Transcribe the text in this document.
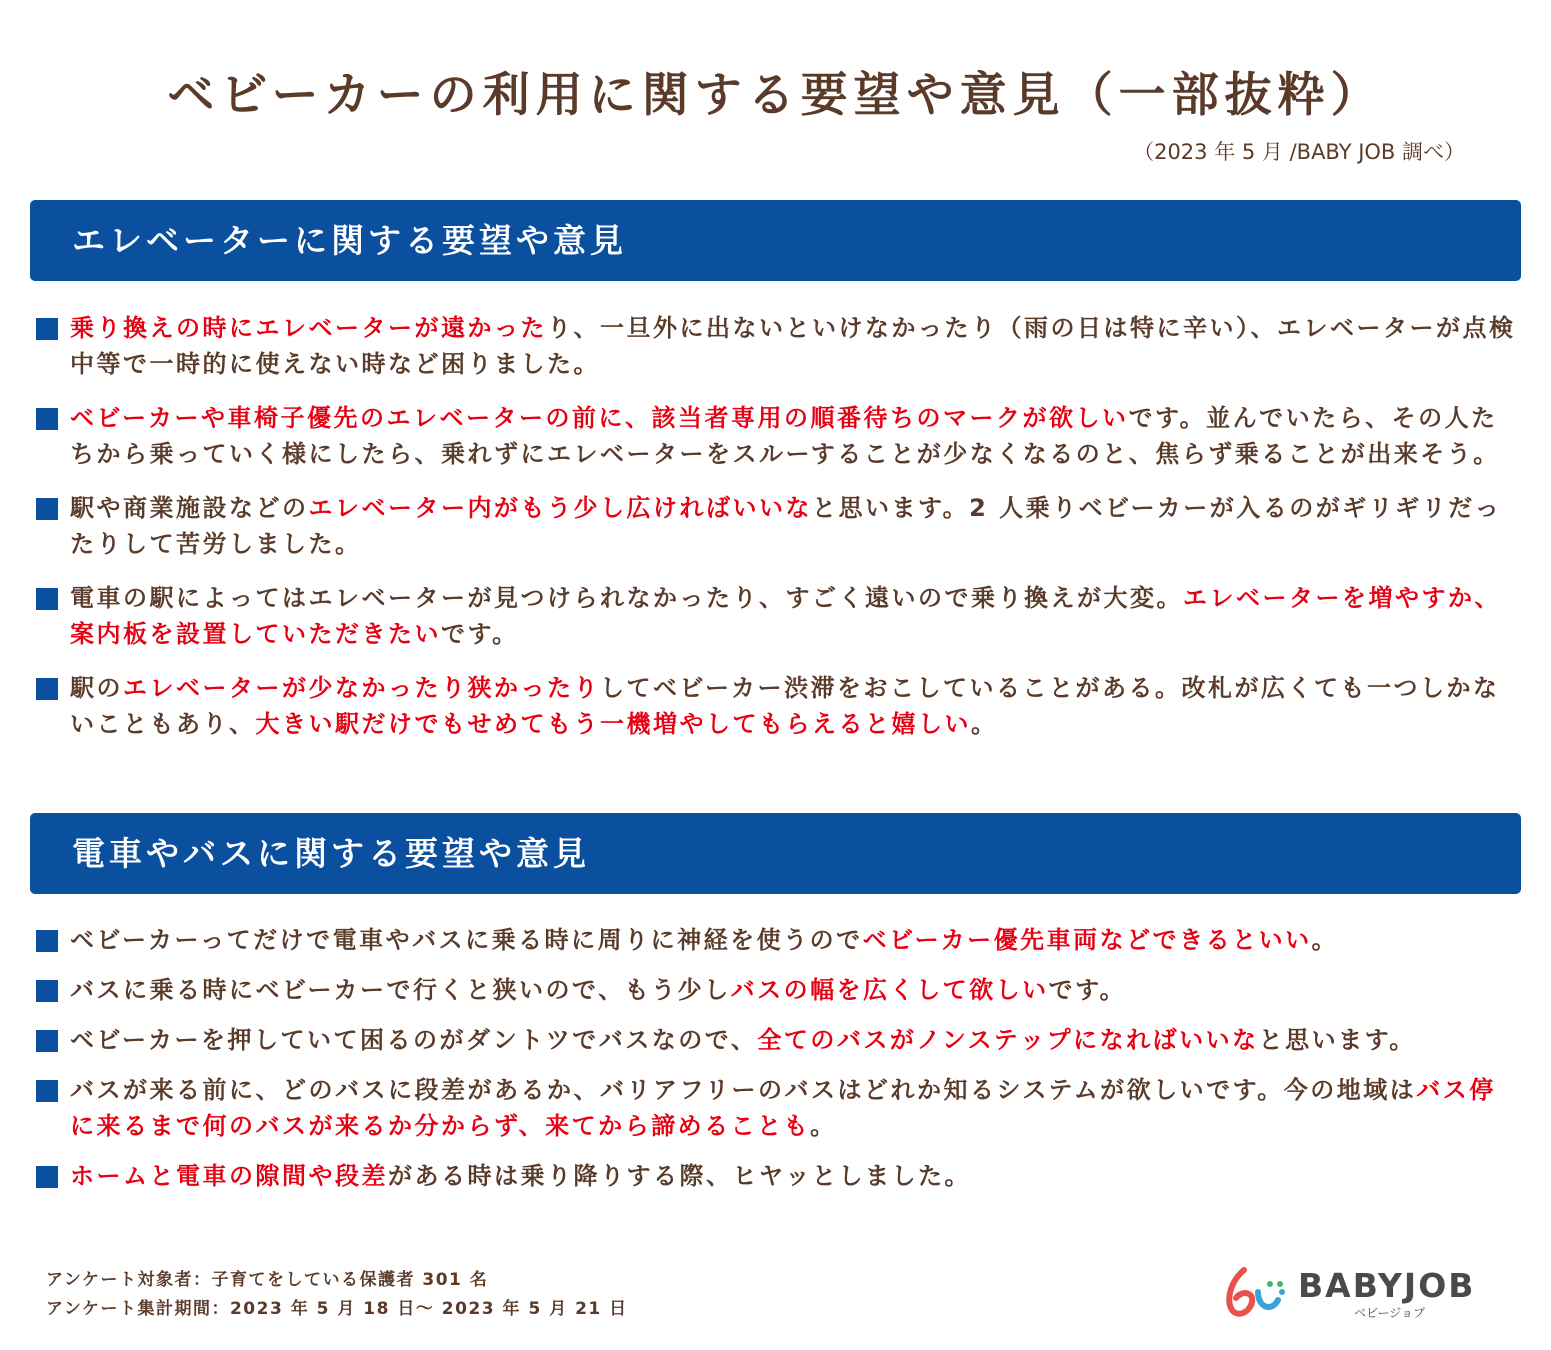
ベビーカーの利用に関する要望や意見（一部抜粋）
（2023 年 5 月 /BABY JOB 調べ）
エレベーターに関する要望や意見
乗り換えの時にエレベーターが遠かったり、一旦外に出ないといけなかったり（雨の日は特に辛い）、エレベーターが点検中等で一時的に使えない時など困りました。
ベビーカーや車椅子優先のエレベーターの前に、該当者専用の順番待ちのマークが欲しいです。並んでいたら、その人たちから乗っていく様にしたら、乗れずにエレベーターをスルーすることが少なくなるのと、焦らず乗ることが出来そう。
駅や商業施設などのエレベーター内がもう少し広ければいいなと思います。2 人乗りベビーカーが入るのがギリギリだったりして苦労しました。
電車の駅によってはエレベーターが見つけられなかったり、すごく遠いので乗り換えが大変。エレベーターを増やすか、案内板を設置していただきたいです。
駅のエレベーターが少なかったり狭かったりしてベビーカー渋滞をおこしていることがある。改札が広くても一つしかないこともあり、大きい駅だけでもせめてもう一機増やしてもらえると嬉しい。
電車やバスに関する要望や意見
ベビーカーってだけで電車やバスに乗る時に周りに神経を使うのでベビーカー優先車両などできるといい。
バスに乗る時にベビーカーで行くと狭いので、もう少しバスの幅を広くして欲しいです。
ベビーカーを押していて困るのがダントツでバスなので、全てのバスがノンステップになればいいなと思います。
バスが来る前に、どのバスに段差があるか、バリアフリーのバスはどれか知るシステムが欲しいです。今の地域はバス停に来るまで何のバスが来るか分からず、来てから諦めることも。
ホームと電車の隙間や段差がある時は乗り降りする際、ヒヤッとしました。
アンケート対象者：子育てをしている保護者 301 名
アンケート集計期間：2023 年 5 月 18 日～ 2023 年 5 月 21 日
BABYJOB
ベビージョブ
